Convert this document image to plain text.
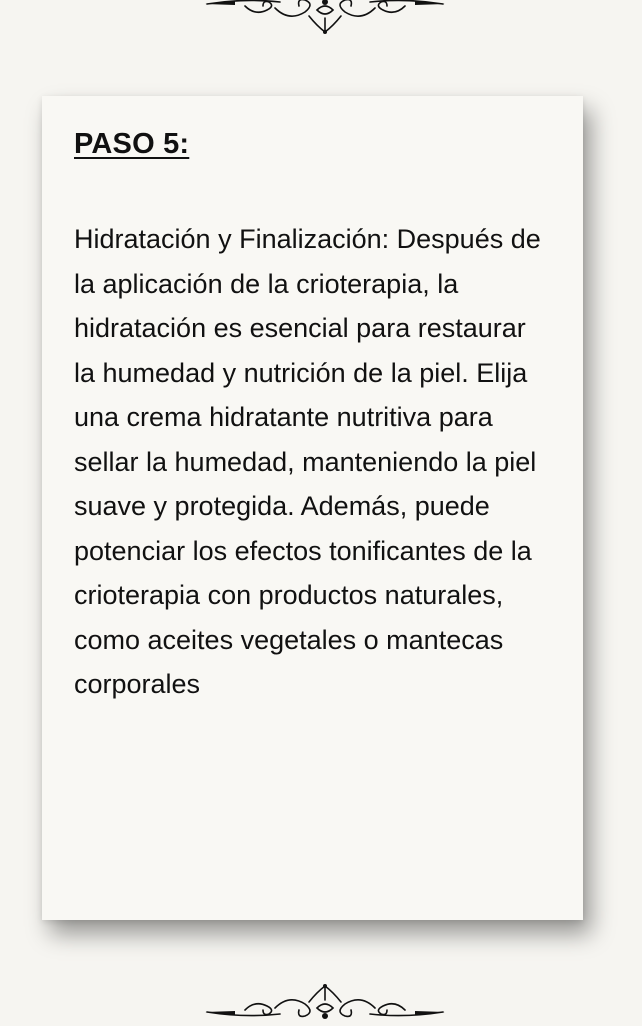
PASO 5:

Hidratación y Finalización: Después de la aplicación de la crioterapia, la hidratación es esencial para restaurar la humedad y nutrición de la piel. Elija una crema hidratante nutritiva para sellar la humedad, manteniendo la piel suave y protegida. Además, puede potenciar los efectos tonificantes de la crioterapia con productos naturales, como aceites vegetales o mantecas corporales
